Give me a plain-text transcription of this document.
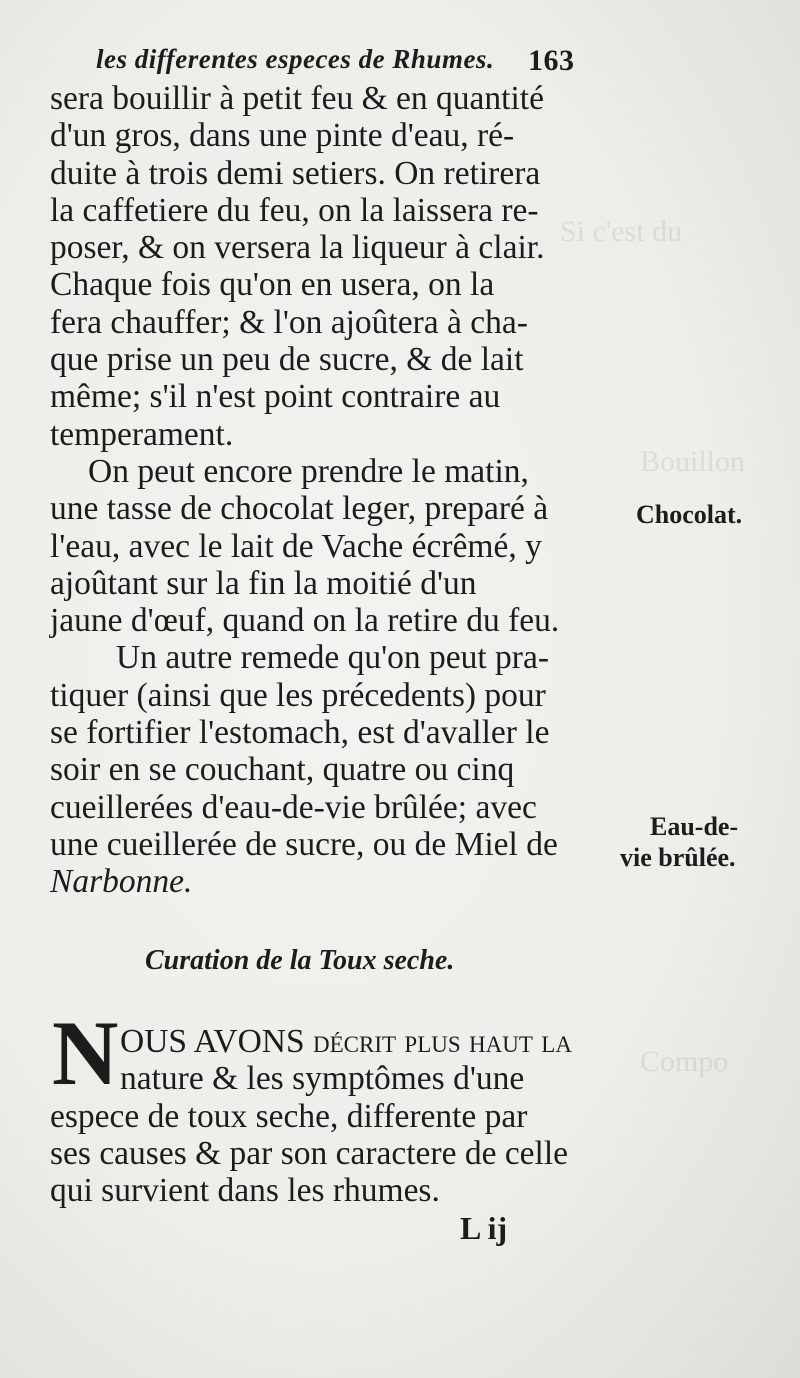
Si c'est du
Bouillon
Compo
les differentes especes de Rhumes. 163
sera bouillir à petit feu & en quantité
d'un gros, dans une pinte d'eau, ré-
duite à trois demi setiers. On retirera
la caffetiere du feu, on la laissera re-
poser, & on versera la liqueur à clair.
Chaque fois qu'on en usera, on la
fera chauffer; & l'on ajoûtera à cha-
que prise un peu de sucre, & de lait
même; s'il n'est point contraire au
temperament.
On peut encore prendre le matin,
une tasse de chocolat leger, preparé à
l'eau, avec le lait de Vache écrêmé, y
ajoûtant sur la fin la moitié d'un
jaune d'œuf, quand on la retire du feu.
Un autre remede qu'on peut pra-
tiquer (ainsi que les précedents) pour
se fortifier l'estomach, est d'avaller le
soir en se couchant, quatre ou cinq
cueillerées d'eau-de-vie brûlée; avec
une cueillerée de sucre, ou de Miel de
Narbonne.
Chocolat.
Eau-de-
vie brûlée.
Curation de la Toux seche.
N OUS AVONS décrit plus haut la
nature & les symptômes d'une
espece de toux seche, differente par
ses causes & par son caractere de celle
qui survient dans les rhumes.
L ij
